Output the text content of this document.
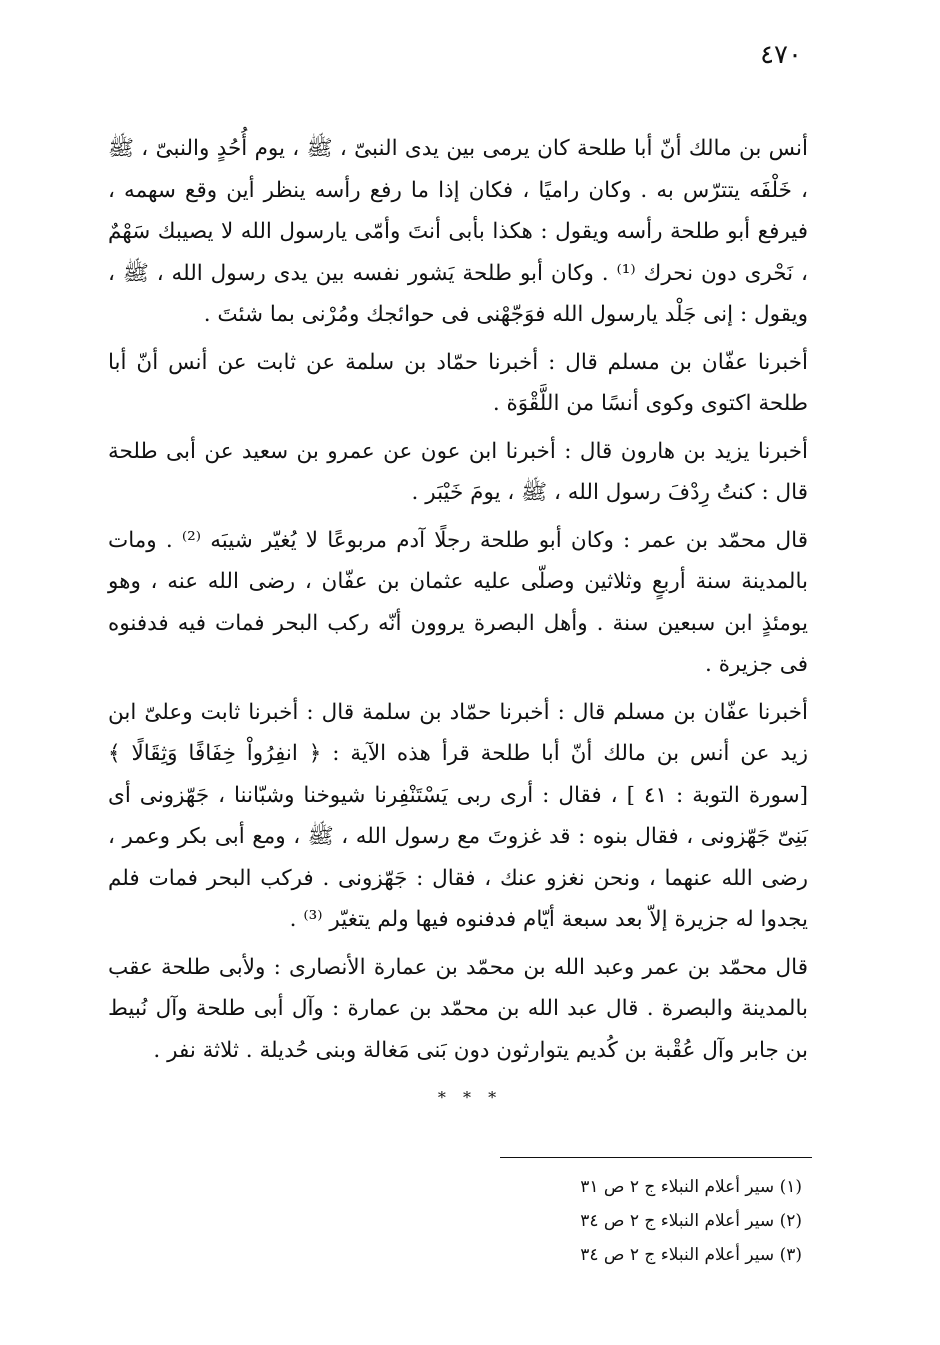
٤٧٠

أنس بن مالك أنّ أبا طلحة كان يرمى بين يدى النبىّ ، ﷺ ، يوم أُحُدٍ والنبىّ ، ﷺ ، خَلْفَه يتترّس به . وكان راميًا ، فكان إذا ما رفع رأسه ينظر أين وقع سهمه ، فيرفع أبو طلحة رأسه ويقول : هكذا بأبى أنتَ وأمّى يارسول الله لا يصيبك سَهْمٌ ، نَحْرى دون نحرك ⁽¹⁾ . وكان أبو طلحة يَشور نفسه بين يدى رسول الله ، ﷺ ، ويقول : إنى جَلْد يارسول الله فوَجّهْنى فى حوائجك ومُرْنى بما شئتَ .

أخبرنا عفّان بن مسلم قال : أخبرنا حمّاد بن سلمة عن ثابت عن أنس أنّ أبا طلحة اكتوى وكوى أنسًا من اللَّقْوَة .

أخبرنا يزيد بن هارون قال : أخبرنا ابن عون عن عمرو بن سعيد عن أبى طلحة قال : كنتُ رِدْفَ رسول الله ، ﷺ ، يومَ خَيْبَر .

قال محمّد بن عمر : وكان أبو طلحة رجلًا آدم مربوعًا لا يُغيّر شيبَه ⁽²⁾ . ومات بالمدينة سنة أربعٍ وثلاثين وصلّى عليه عثمان بن عفّان ، رضى الله عنه ، وهو يومئذٍ ابن سبعين سنة . وأهل البصرة يروون أنّه ركب البحر فمات فيه فدفنوه فى جزيرة .

أخبرنا عفّان بن مسلم قال : أخبرنا حمّاد بن سلمة قال : أخبرنا ثابت وعلىّ ابن زيد عن أنس بن مالك أنّ أبا طلحة قرأ هذه الآية : ﴿ انفِرُواْ خِفَافًا وَثِقَالًا ﴾ [سورة التوبة : ٤١ ] ، فقال : أرى ربى يَسْتَنْفِرنا شيوخنا وشبّاننا ، جَهّزونى أى بَنِىّ جَهّزونى ، فقال بنوه : قد غزوتَ مع رسول الله ، ﷺ ، ومع أبى بكر وعمر ، رضى الله عنهما ، ونحن نغزو عنك ، فقال : جَهّزونى . فركب البحر فمات فلم يجدوا له جزيرة إلاّ بعد سبعة أيّام فدفنوه فيها ولم يتغيّر ⁽³⁾ .

قال محمّد بن عمر وعبد الله بن محمّد بن عمارة الأنصارى : ولأبى طلحة عقب بالمدينة والبصرة . قال عبد الله بن محمّد بن عمارة : وآل أبى طلحة وآل نُبيط بن جابر وآل عُقْبة بن كُديم يتوارثون دون بَنى مَغالة وبنى حُديلة . ثلاثة نفر .

* * *

(١) سير أعلام النبلاء ج ٢ ص ٣١

(٢) سير أعلام النبلاء ج ٢ ص ٣٤

(٣) سير أعلام النبلاء ج ٢ ص ٣٤
